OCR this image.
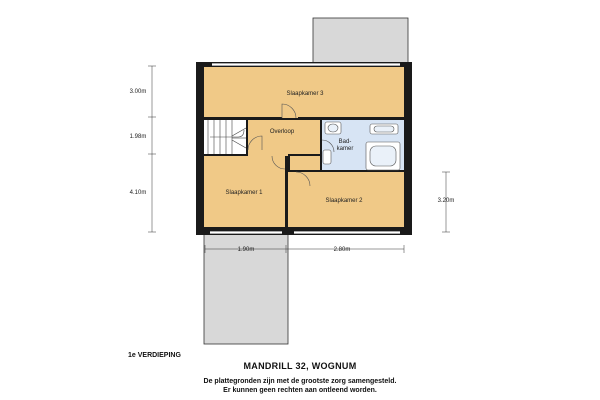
Slaapkamer 3
Overloop
Bad-
kamer
Slaapkamer 1
Slaapkamer 2
3.00m
1.98m
4.10m
3.20m
1.90m	2.80m
1e VERDIEPING
MANDRILL 32, WOGNUM
De plattegronden zijn met de grootste zorg samengesteld.
Er kunnen geen rechten aan ontleend worden.
